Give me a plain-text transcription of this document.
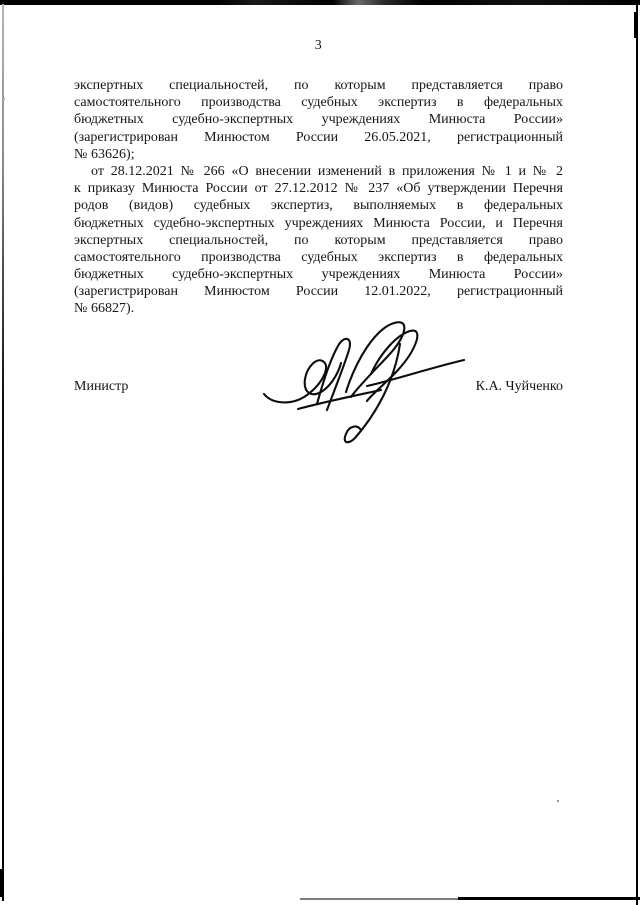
3
экспертных специальностей, по которым представляется право
самостоятельного производства судебных экспертиз в федеральных
бюджетных судебно-экспертных учреждениях Минюста России»
(зарегистрирован Минюстом России 26.05.2021, регистрационный
№ 63626);
от 28.12.2021 № 266 «О внесении изменений в приложения № 1 и № 2
к приказу Минюста России от 27.12.2012 № 237 «Об утверждении Перечня
родов (видов) судебных экспертиз, выполняемых в федеральных
бюджетных судебно-экспертных учреждениях Минюста России, и Перечня
экспертных специальностей, по которым представляется право
самостоятельного производства судебных экспертиз в федеральных
бюджетных судебно-экспертных учреждениях Минюста России»
(зарегистрирован Минюстом России 12.01.2022, регистрационный
№ 66827).
Министр	К.А. Чуйченко
